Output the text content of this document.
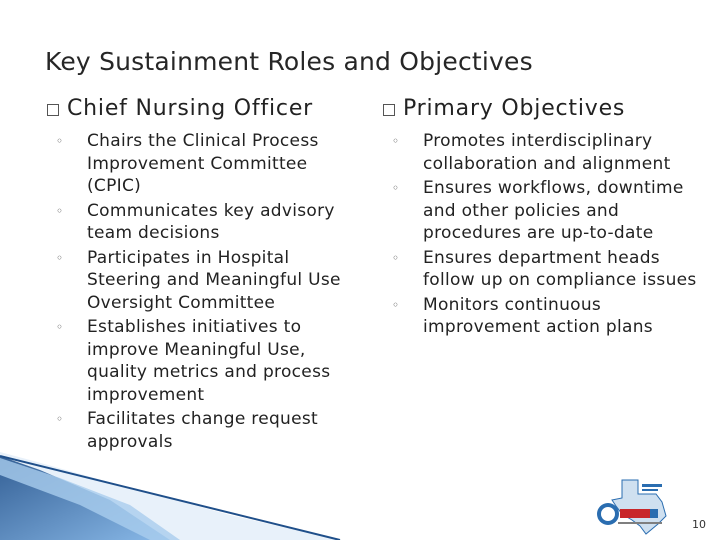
Key Sustainment Roles and Objectives
Chief Nursing Officer
◦ Chairs the Clinical Process Improvement Committee (CPIC)
◦ Communicates key advisory team decisions
◦ Participates in Hospital Steering and Meaningful Use Oversight Committee
◦ Establishes initiatives to improve Meaningful Use, quality metrics and process improvement
◦ Facilitates change request approvals
Primary Objectives
◦ Promotes interdisciplinary collaboration and alignment
◦ Ensures workflows, downtime and other policies and procedures are up-to-date
◦ Ensures department heads follow up on compliance issues
◦ Monitors continuous improvement action plans
10
